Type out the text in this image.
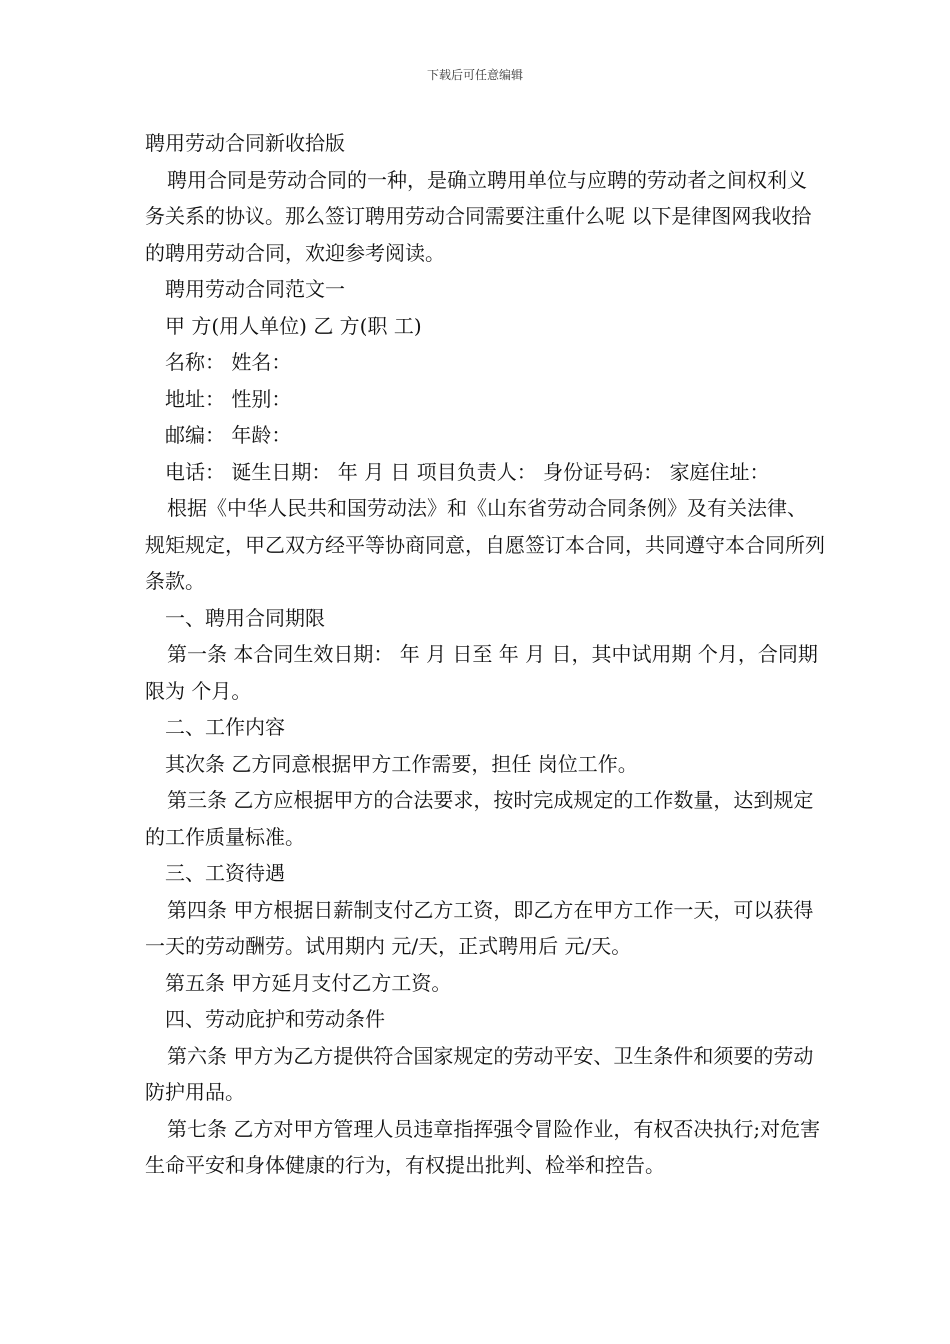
下载后可任意编辑
聘用劳动合同新收拾版
聘用合同是劳动合同的一种，是确立聘用单位与应聘的劳动者之间权利义务关系的协议。那么签订聘用劳动合同需要注重什么呢 以下是律图网我收拾的聘用劳动合同，欢迎参考阅读。
聘用劳动合同范文一
甲 方(用人单位) 乙 方(职 工)
名称： 姓名：
地址： 性别：
邮编： 年龄：
电话： 诞生日期： 年 月 日 项目负责人： 身份证号码： 家庭住址：
根据《中华人民共和国劳动法》和《山东省劳动合同条例》及有关法律、规矩规定，甲乙双方经平等协商同意，自愿签订本合同，共同遵守本合同所列条款。
一、聘用合同期限
第一条 本合同生效日期： 年 月 日至 年 月 日，其中试用期 个月，合同期限为 个月。
二、工作内容
其次条 乙方同意根据甲方工作需要，担任 岗位工作。
第三条 乙方应根据甲方的合法要求，按时完成规定的工作数量，达到规定的工作质量标准。
三、工资待遇
第四条 甲方根据日薪制支付乙方工资，即乙方在甲方工作一天，可以获得一天的劳动酬劳。试用期内 元/天，正式聘用后 元/天。
第五条 甲方延月支付乙方工资。
四、劳动庇护和劳动条件
第六条 甲方为乙方提供符合国家规定的劳动平安、卫生条件和须要的劳动防护用品。
第七条 乙方对甲方管理人员违章指挥强令冒险作业，有权否决执行;对危害生命平安和身体健康的行为，有权提出批判、检举和控告。
